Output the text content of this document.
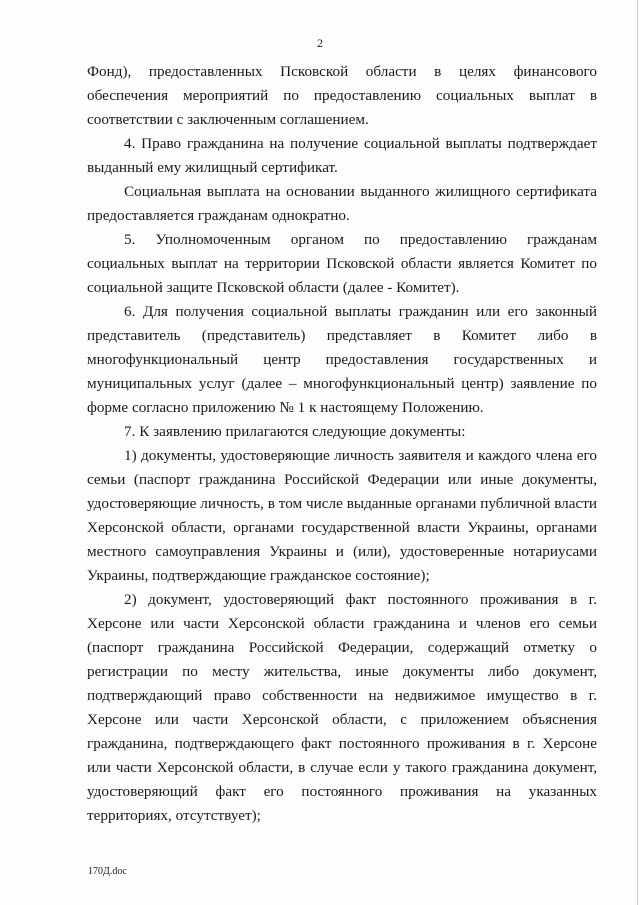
2

Фонд), предоставленных Псковской области в целях финансового обеспечения мероприятий по предоставлению социальных выплат в соответствии с заключенным соглашением.

4. Право гражданина на получение социальной выплаты подтверждает выданный ему жилищный сертификат.

Социальная выплата на основании выданного жилищного сертификата предоставляется гражданам однократно.

5. Уполномоченным органом по предоставлению гражданам социальных выплат на территории Псковской области является Комитет по социальной защите Псковской области (далее - Комитет).

6. Для получения социальной выплаты гражданин или его законный представитель (представитель) представляет в Комитет либо в многофункциональный центр предоставления государственных и муниципальных услуг (далее – многофункциональный центр) заявление по форме согласно приложению № 1 к настоящему Положению.

7. К заявлению прилагаются следующие документы:

1) документы, удостоверяющие личность заявителя и каждого члена его семьи (паспорт гражданина Российской Федерации или иные документы, удостоверяющие личность, в том числе выданные органами публичной власти Херсонской области, органами государственной власти Украины, органами местного самоуправления Украины и (или), удостоверенные нотариусами Украины, подтверждающие гражданское состояние);

2) документ, удостоверяющий факт постоянного проживания в г. Херсоне или части Херсонской области гражданина и членов его семьи (паспорт гражданина Российской Федерации, содержащий отметку о регистрации по месту жительства, иные документы либо документ, подтверждающий право собственности на недвижимое имущество в г. Херсоне или части Херсонской области, с приложением объяснения гражданина, подтверждающего факт постоянного проживания в г. Херсоне или части Херсонской области, в случае если у такого гражданина документ, удостоверяющий факт его постоянного проживания на указанных территориях, отсутствует);

170Д.doc
